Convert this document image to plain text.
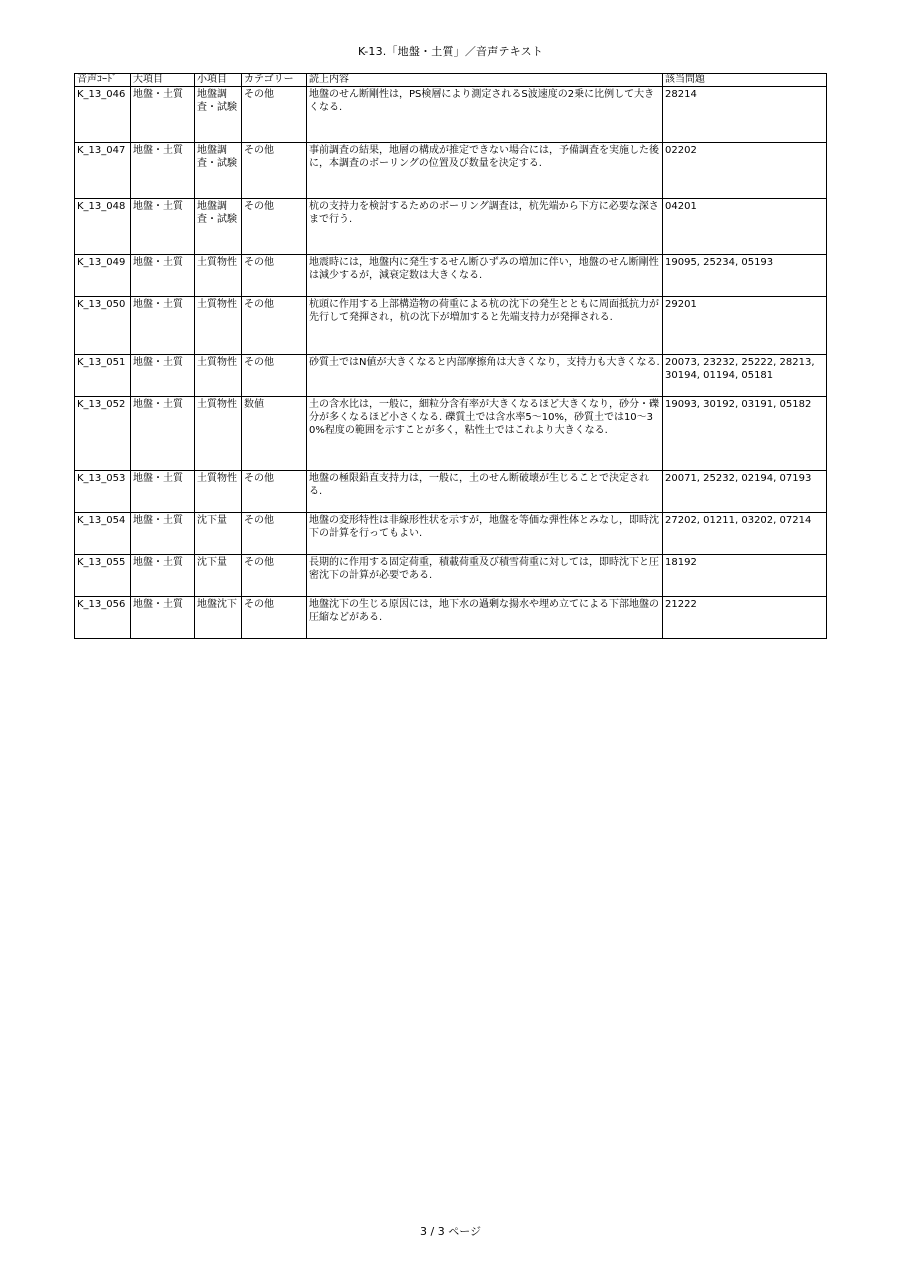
K-13.「地盤・土質」／音声テキスト
音声ｺｰﾄﾞ	大項目	小項目	カテゴリー	読上内容	該当問題
K_13_046	地盤・土質	地盤調査・試験	その他	地盤のせん断剛性は，PS検層により測定されるS波速度の2乗に比例して大きくなる.	28214
K_13_047	地盤・土質	地盤調査・試験	その他	事前調査の結果，地層の構成が推定できない場合には，予備調査を実施した後に，本調査のボーリングの位置及び数量を決定する.	02202
K_13_048	地盤・土質	地盤調査・試験	その他	杭の支持力を検討するためのボーリング調査は，杭先端から下方に必要な深さまで行う.	04201
K_13_049	地盤・土質	土質物性	その他	地震時には，地盤内に発生するせん断ひずみの増加に伴い，地盤のせん断剛性は減少するが，減衰定数は大きくなる.	19095, 25234, 05193
K_13_050	地盤・土質	土質物性	その他	杭頭に作用する上部構造物の荷重による杭の沈下の発生とともに周面抵抗力が先行して発揮され，杭の沈下が増加すると先端支持力が発揮される.	29201
K_13_051	地盤・土質	土質物性	その他	砂質土ではN値が大きくなると内部摩擦角は大きくなり，支持力も大きくなる.	20073, 23232, 25222, 28213, 30194, 01194, 05181
K_13_052	地盤・土質	土質物性	数値	土の含水比は，一般に，細粒分含有率が大きくなるほど大きくなり，砂分・礫分が多くなるほど小さくなる. 礫質土では含水率5～10%，砂質土では10～30%程度の範囲を示すことが多く，粘性土ではこれより大きくなる.	19093, 30192, 03191, 05182
K_13_053	地盤・土質	土質物性	その他	地盤の極限鉛直支持力は，一般に，土のせん断破壊が生じることで決定される.	20071, 25232, 02194, 07193
K_13_054	地盤・土質	沈下量	その他	地盤の変形特性は非線形性状を示すが，地盤を等価な弾性体とみなし，即時沈下の計算を行ってもよい.	27202, 01211, 03202, 07214
K_13_055	地盤・土質	沈下量	その他	長期的に作用する固定荷重，積載荷重及び積雪荷重に対しては，即時沈下と圧密沈下の計算が必要である.	18192
K_13_056	地盤・土質	地盤沈下	その他	地盤沈下の生じる原因には，地下水の過剰な揚水や埋め立てによる下部地盤の圧縮などがある.	21222
3 / 3 ページ
